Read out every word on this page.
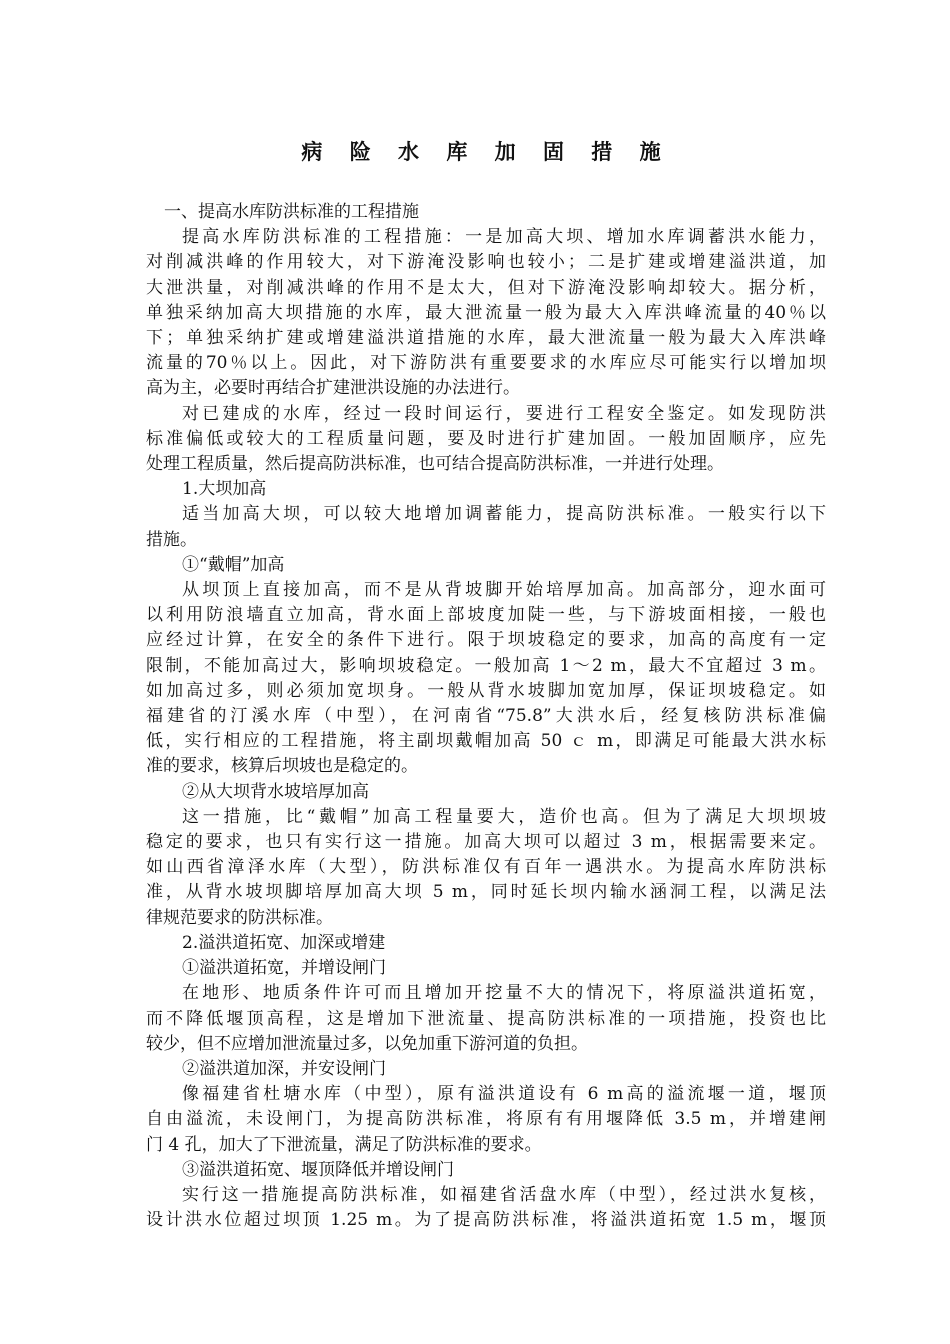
病 险 水 库 加 固 措 施
一、提高水库防洪标准的工程措施
提高水库防洪标准的工程措施：一是加高大坝、增加水库调蓄洪水能力，
对削减洪峰的作用较大，对下游淹没影响也较小；二是扩建或增建溢洪道，加
大泄洪量，对削减洪峰的作用不是太大，但对下游淹没影响却较大。据分析，
单独采纳加高大坝措施的水库，最大泄流量一般为最大入库洪峰流量的40％以
下；单独采纳扩建或增建溢洪道措施的水库，最大泄流量一般为最大入库洪峰
流量的70％以上。因此，对下游防洪有重要要求的水库应尽可能实行以增加坝
高为主，必要时再结合扩建泄洪设施的办法进行。
对已建成的水库，经过一段时间运行，要进行工程安全鉴定。如发现防洪
标准偏低或较大的工程质量问题，要及时进行扩建加固。一般加固顺序，应先
处理工程质量，然后提高防洪标准，也可结合提高防洪标准，一并进行处理。
1.大坝加高
适当加高大坝，可以较大地增加调蓄能力，提高防洪标准。一般实行以下
措施。
①“戴帽”加高
从坝顶上直接加高，而不是从背坡脚开始培厚加高。加高部分，迎水面可
以利用防浪墙直立加高，背水面上部坡度加陡一些，与下游坡面相接，一般也
应经过计算，在安全的条件下进行。限于坝坡稳定的要求，加高的高度有一定
限制，不能加高过大，影响坝坡稳定。一般加高 1～2 m，最大不宜超过 3 m。
如加高过多，则必须加宽坝身。一般从背水坡脚加宽加厚，保证坝坡稳定。如
福建省的汀溪水库（中型），在河南省“75.8”大洪水后，经复核防洪标准偏
低，实行相应的工程措施，将主副坝戴帽加高 50 ｃ m，即满足可能最大洪水标
准的要求，核算后坝坡也是稳定的。
②从大坝背水坡培厚加高
这一措施，比“戴帽”加高工程量要大，造价也高。但为了满足大坝坝坡
稳定的要求，也只有实行这一措施。加高大坝可以超过 3 m，根据需要来定。
如山西省漳泽水库（大型），防洪标准仅有百年一遇洪水。为提高水库防洪标
准，从背水坡坝脚培厚加高大坝 5 m，同时延长坝内输水涵洞工程，以满足法
律规范要求的防洪标准。
2.溢洪道拓宽、加深或增建
①溢洪道拓宽，并增设闸门
在地形、地质条件许可而且增加开挖量不大的情况下，将原溢洪道拓宽，
而不降低堰顶高程，这是增加下泄流量、提高防洪标准的一项措施，投资也比
较少，但不应增加泄流量过多，以免加重下游河道的负担。
②溢洪道加深，并安设闸门
像福建省杜塘水库（中型），原有溢洪道设有 6 m高的溢流堰一道，堰顶
自由溢流，未设闸门，为提高防洪标准，将原有有用堰降低 3.5 m，并增建闸
门 4 孔，加大了下泄流量，满足了防洪标准的要求。
③溢洪道拓宽、堰顶降低并增设闸门
实行这一措施提高防洪标准，如福建省活盘水库（中型），经过洪水复核，
设计洪水位超过坝顶 1.25 m。为了提高防洪标准，将溢洪道拓宽 1.5 m，堰顶
